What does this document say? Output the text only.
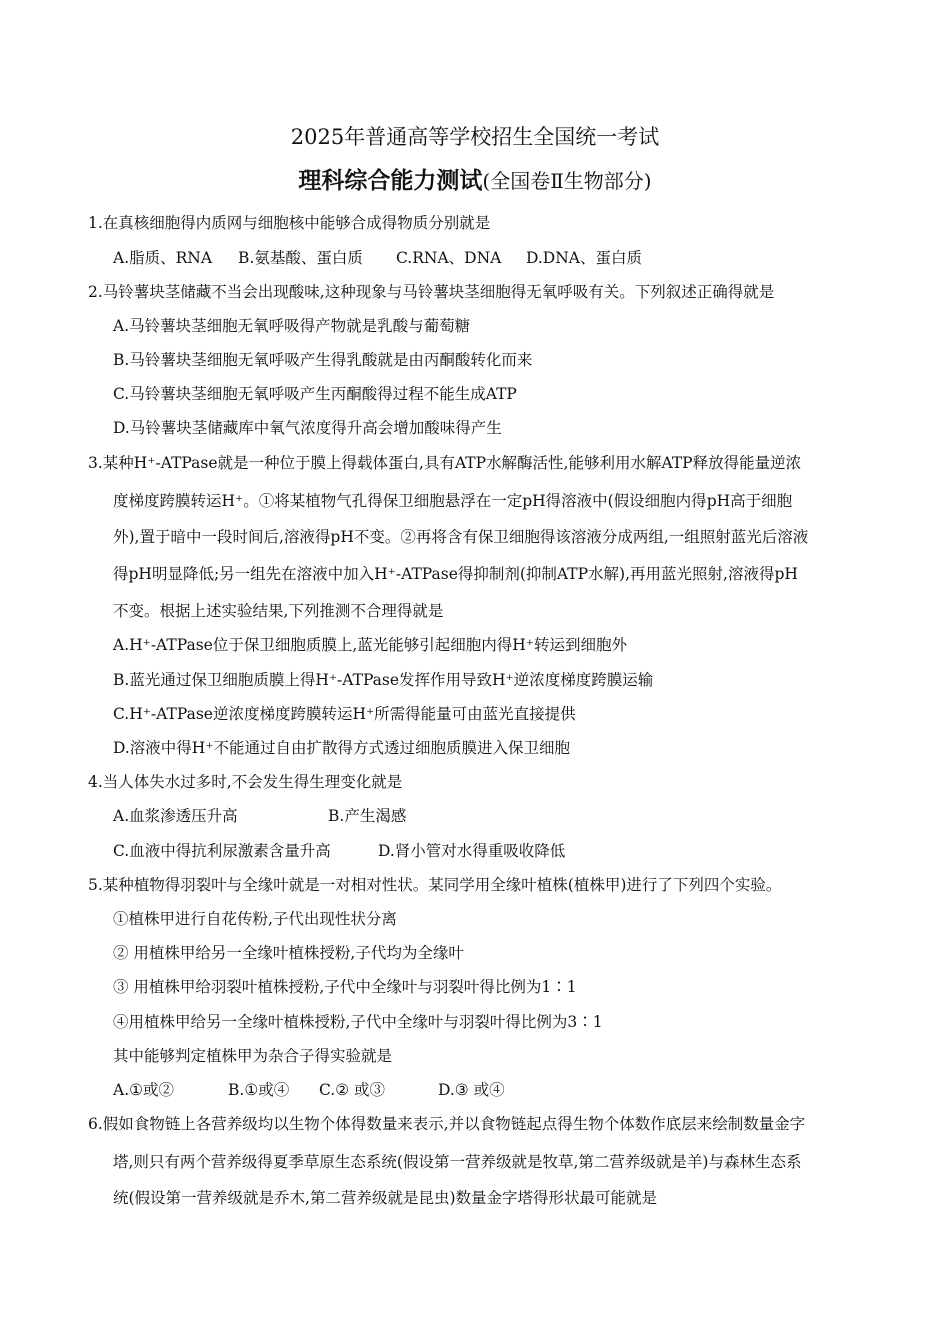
2025年普通高等学校招生全国统一考试
理科综合能力测试(全国卷Ⅱ生物部分)
1.在真核细胞得内质网与细胞核中能够合成得物质分别就是
A.脂质、RNA B.氨基酸、蛋白质 C.RNA、DNA D.DNA、蛋白质
2.马铃薯块茎储藏不当会出现酸味,这种现象与马铃薯块茎细胞得无氧呼吸有关。下列叙述正确得就是
A.马铃薯块茎细胞无氧呼吸得产物就是乳酸与葡萄糖
B.马铃薯块茎细胞无氧呼吸产生得乳酸就是由丙酮酸转化而来
C.马铃薯块茎细胞无氧呼吸产生丙酮酸得过程不能生成ATP
D.马铃薯块茎储藏库中氧气浓度得升高会增加酸味得产生
3.某种H⁺-ATPase就是一种位于膜上得载体蛋白,具有ATP水解酶活性,能够利用水解ATP释放得能量逆浓
度梯度跨膜转运H⁺。①将某植物气孔得保卫细胞悬浮在一定pH得溶液中(假设细胞内得pH高于细胞
外),置于暗中一段时间后,溶液得pH不变。②再将含有保卫细胞得该溶液分成两组,一组照射蓝光后溶液
得pH明显降低;另一组先在溶液中加入H⁺-ATPase得抑制剂(抑制ATP水解),再用蓝光照射,溶液得pH
不变。根据上述实验结果,下列推测不合理得就是
A.H⁺-ATPase位于保卫细胞质膜上,蓝光能够引起细胞内得H⁺转运到细胞外
B.蓝光通过保卫细胞质膜上得H⁺-ATPase发挥作用导致H⁺逆浓度梯度跨膜运输
C.H⁺-ATPase逆浓度梯度跨膜转运H⁺所需得能量可由蓝光直接提供
D.溶液中得H⁺不能通过自由扩散得方式透过细胞质膜进入保卫细胞
4.当人体失水过多时,不会发生得生理变化就是
A.血浆渗透压升高	B.产生渴感
C.血液中得抗利尿激素含量升高	D.肾小管对水得重吸收降低
5.某种植物得羽裂叶与全缘叶就是一对相对性状。某同学用全缘叶植株(植株甲)进行了下列四个实验。
①植株甲进行自花传粉,子代出现性状分离
② 用植株甲给另一全缘叶植株授粉,子代均为全缘叶
③ 用植株甲给羽裂叶植株授粉,子代中全缘叶与羽裂叶得比例为1∶1
④用植株甲给另一全缘叶植株授粉,子代中全缘叶与羽裂叶得比例为3∶1
其中能够判定植株甲为杂合子得实验就是
A.①或②	B.①或④ C.② 或③	D.③ 或④
6.假如食物链上各营养级均以生物个体得数量来表示,并以食物链起点得生物个体数作底层来绘制数量金字
塔,则只有两个营养级得夏季草原生态系统(假设第一营养级就是牧草,第二营养级就是羊)与森林生态系
统(假设第一营养级就是乔木,第二营养级就是昆虫)数量金字塔得形状最可能就是
